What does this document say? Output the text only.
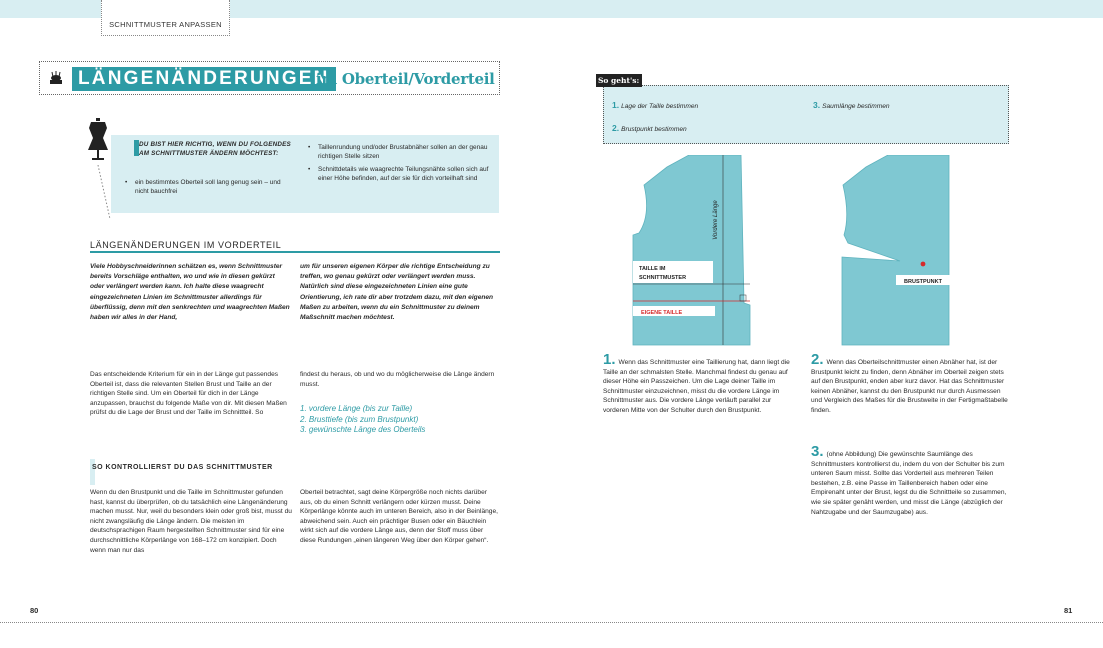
SCHNITTMUSTER ANPASSEN
LÄNGENÄNDERUNGEN
im Oberteil/Vorderteil
DU BIST HIER RICHTIG, WENN DU FOLGENDES AM SCHNITTMUSTER ÄNDERN MÖCHTEST:
• ein bestimmtes Oberteil soll lang genug sein – und nicht bauchfrei
• Taillenrundung und/oder Brustabnäher sollen an der genau richtigen Stelle sitzen
• Schnittdetails wie waagrechte Teilungsnähte sollen sich auf einer Höhe befinden, auf der sie für dich vorteilhaft sind
LÄNGENÄNDERUNGEN IM VORDERTEIL
Viele Hobbyschneiderinnen schätzen es, wenn Schnittmuster bereits Vorschläge enthalten, wo und wie in diesen gekürzt oder verlängert werden kann. Ich halte diese waagrecht eingezeichneten Linien im Schnittmuster allerdings für überflüssig, denn mit den senkrechten und waagrechten Maßen haben wir alles in der Hand,
um für unseren eigenen Körper die richtige Entscheidung zu treffen, wo genau gekürzt oder verlängert werden muss. Natürlich sind diese eingezeichneten Linien eine gute Orientierung, ich rate dir aber trotzdem dazu, mit den eigenen Maßen zu arbeiten, wenn du ein Schnittmuster zu deinem Maßschnitt machen möchtest.
Das entscheidende Kriterium für ein in der Länge gut passendes Oberteil ist, dass die relevanten Stellen Brust und Taille an der richtigen Stelle sind. Um ein Oberteil für dich in der Länge anzupassen, brauchst du folgende Maße von dir. Mit diesen Maßen prüfst du die Lage der Brust und der Taille im Schnittteil. So
findest du heraus, ob und wo du möglicherweise die Länge ändern musst.
1. vordere Länge (bis zur Taille)
2. Brusttiefe (bis zum Brustpunkt)
3. gewünschte Länge des Oberteils
SO KONTROLLIERST DU DAS SCHNITTMUSTER
Wenn du den Brustpunkt und die Taille im Schnittmuster gefunden hast, kannst du überprüfen, ob du tatsächlich eine Längenänderung machen musst. Nur, weil du besonders klein oder groß bist, musst du nicht zwangsläufig die Länge ändern. Die meisten im deutschsprachigen Raum hergestellten Schnittmuster sind für eine durchschnittliche Körperlänge von 168–172 cm konzipiert. Doch wenn man nur das
Oberteil betrachtet, sagt deine Körpergröße noch nichts darüber aus, ob du einen Schnitt verlängern oder kürzen musst. Deine Körperlänge könnte auch im unteren Bereich, also in der Beinlänge, abweichend sein. Auch ein prächtiger Busen oder ein Bäuchlein wirkt sich auf die vordere Länge aus, denn der Stoff muss über diese Rundungen „einen längeren Weg über den Körper gehen“.
80	81
So geht's:
1. Lage der Taille bestimmen	3. Saumlänge bestimmen
2. Brustpunkt bestimmen
Vordere Länge
TAILLE IM
SCHNITTMUSTER
EIGENE TAILLE
BRUSTPUNKT
1. Wenn das Schnittmuster eine Taillierung hat, dann liegt die Taille an der schmalsten Stelle. Manchmal findest du genau auf dieser Höhe ein Passzeichen. Um die Lage deiner Taille im Schnittmuster einzuzeichnen, misst du die vordere Länge im Schnittmuster aus. Die vordere Länge verläuft parallel zur vorderen Mitte von der Schulter durch den Brustpunkt.
2. Wenn das Oberteilschnittmuster einen Abnäher hat, ist der Brustpunkt leicht zu finden, denn Abnäher im Oberteil zeigen stets auf den Brustpunkt, enden aber kurz davor. Hat das Schnittmuster keinen Abnäher, kannst du den Brustpunkt nur durch Ausmessen und Vergleich des Maßes für die Brustweite in der Fertigmaßtabelle finden.
3. (ohne Abbildung) Die gewünschte Saumlänge des Schnittmusters kontrollierst du, indem du von der Schulter bis zum unteren Saum misst. Sollte das Vorderteil aus mehreren Teilen bestehen, z.B. eine Passe im Taillenbereich haben oder eine Empirenaht unter der Brust, legst du die Schnittteile so zusammen, wie sie später genäht werden, und misst die Länge (abzüglich der Nahtzugabe und der Saumzugabe) aus.
